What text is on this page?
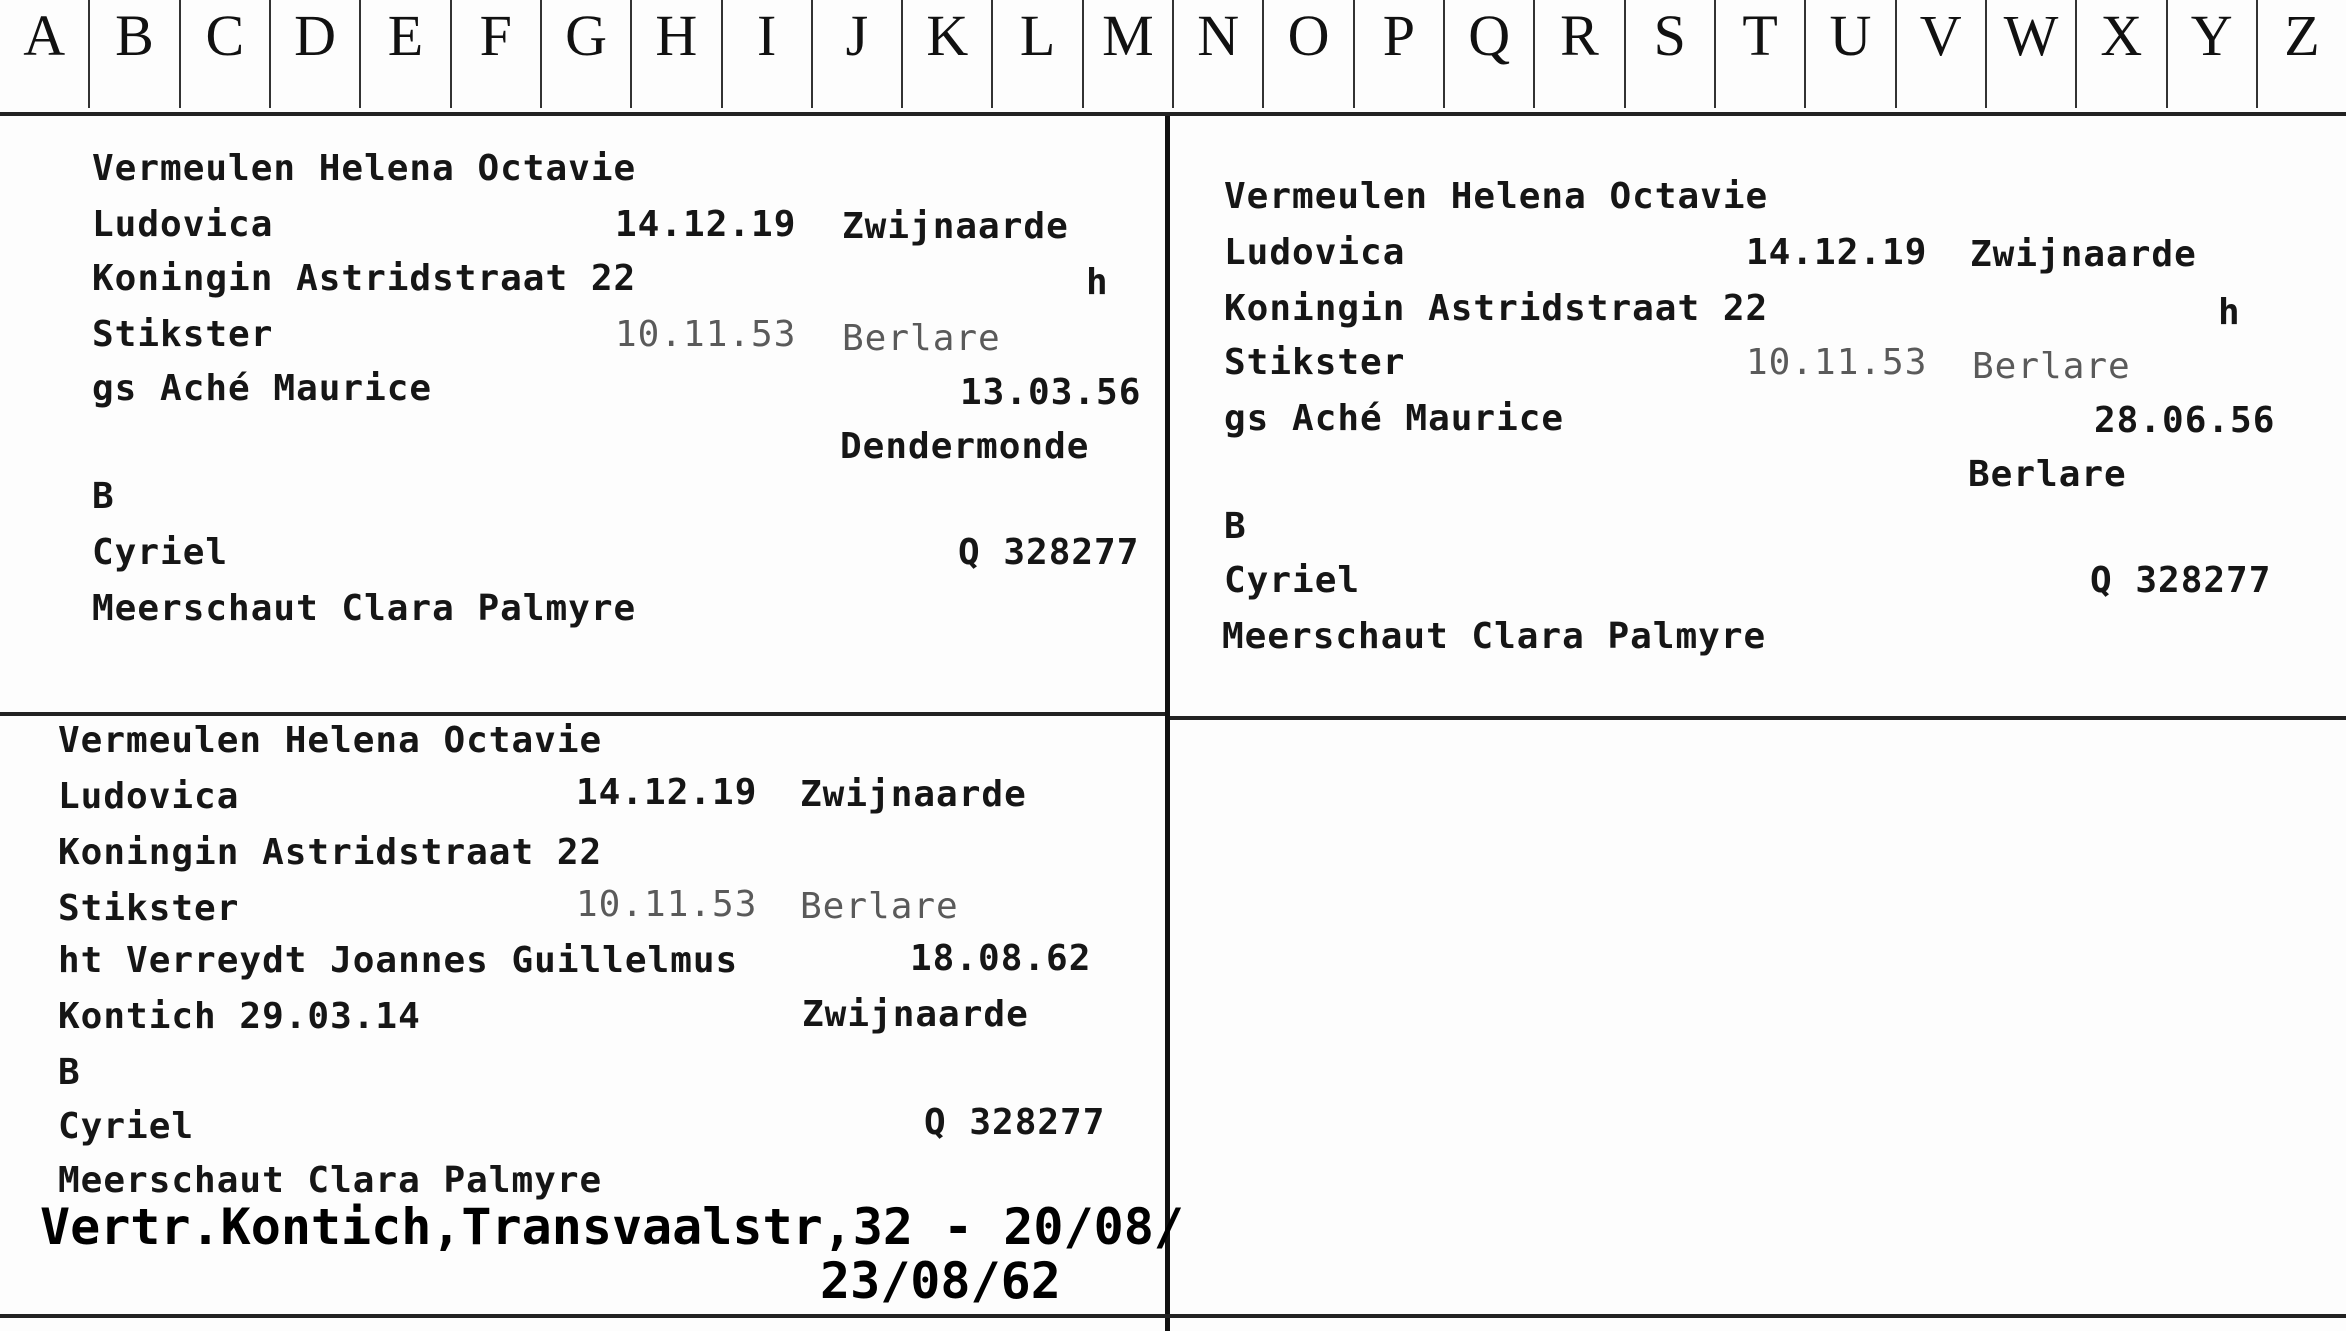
A B C D E F G H	I	J	K L M N O P Q R S T U V W X Y Z
Vermeulen Helena Octavie
Ludovica	14.12.19 Zwijnaarde
Koningin Astridstraat 22	h
Stikster	10.11.53 Berlare
gs Aché Maurice	13.03.56
Dendermonde
B
Cyriel	Q 328277
Meerschaut Clara Palmyre
Vermeulen Helena Octavie
Ludovica	14.12.19 Zwijnaarde
Koningin Astridstraat 22	h
Stikster	10.11.53 Berlare
gs Aché Maurice	28.06.56
Berlare
B
Cyriel	Q 328277
Meerschaut Clara Palmyre
Vermeulen Helena Octavie
Ludovica	14.12.19 Zwijnaarde
Koningin Astridstraat 22
Stikster	10.11.53 Berlare
ht Verreydt Joannes Guillelmus	18.08.62
Kontich 29.03.14	Zwijnaarde
B
Cyriel	Q 328277
Meerschaut Clara Palmyre
Vertr.Kontich,Transvaalstr,32 - 20/08/
23/08/62
